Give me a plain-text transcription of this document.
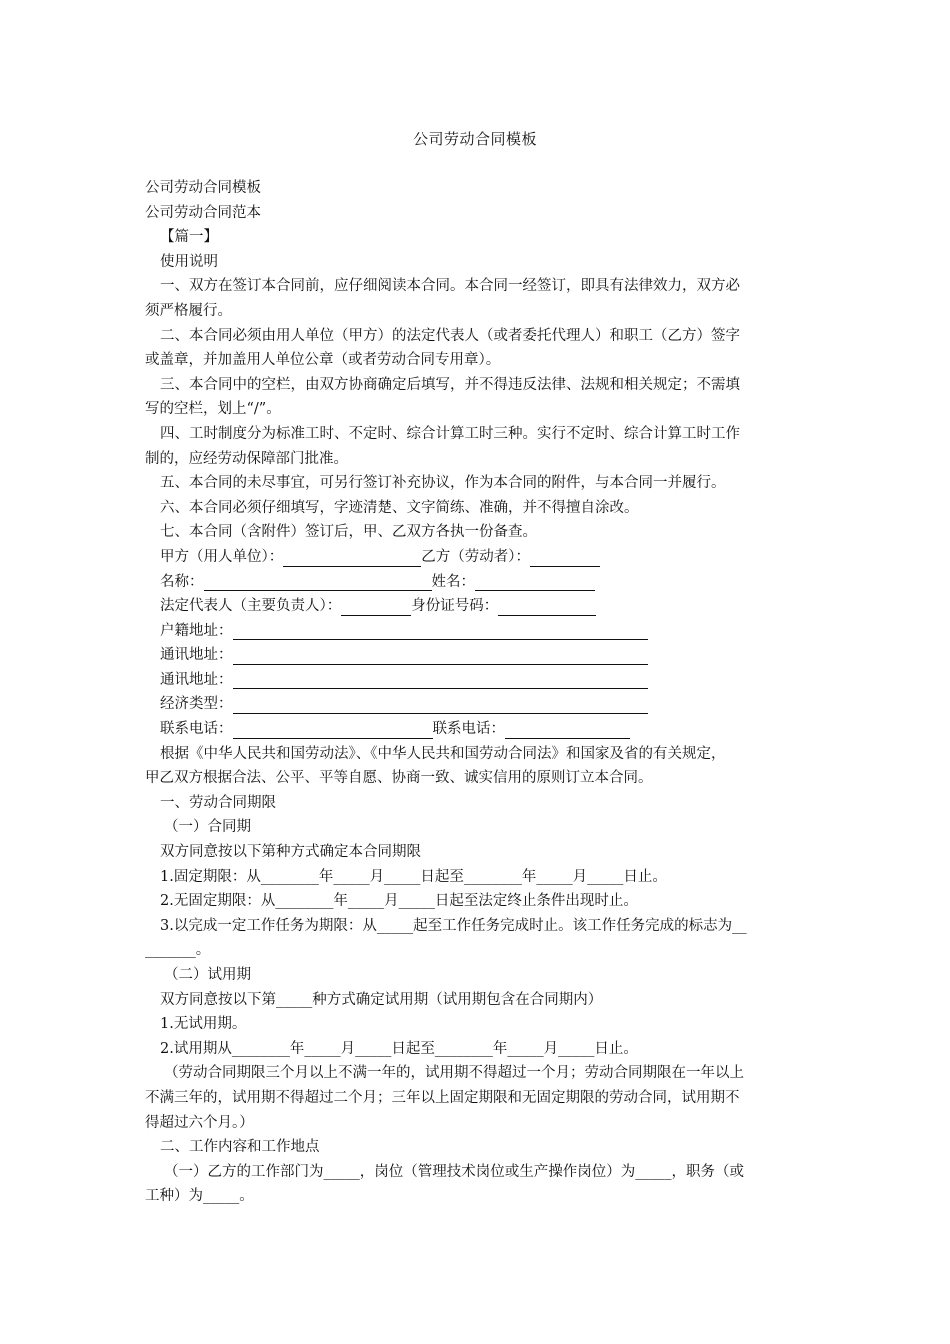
公司劳动合同模板
公司劳动合同模板
公司劳动合同范本
【篇一】
使用说明
一、双方在签订本合同前，应仔细阅读本合同。本合同一经签订，即具有法律效力，双方必
须严格履行。
二、本合同必须由用人单位（甲方）的法定代表人（或者委托代理人）和职工（乙方）签字
或盖章，并加盖用人单位公章（或者劳动合同专用章）。
三、本合同中的空栏，由双方协商确定后填写，并不得违反法律、法规和相关规定；不需填
写的空栏，划上“/”。
四、工时制度分为标准工时、不定时、综合计算工时三种。实行不定时、综合计算工时工作
制的，应经劳动保障部门批准。
五、本合同的未尽事宜，可另行签订补充协议，作为本合同的附件，与本合同一并履行。
六、本合同必须仔细填写，字迹清楚、文字简练、准确，并不得擅自涂改。
七、本合同（含附件）签订后，甲、乙双方各执一份备查。
甲方（用人单位）：	乙方（劳动者）：
名称：	姓名：
法定代表人（主要负责人）：	身份证号码：
户籍地址：
通讯地址：
通讯地址：
经济类型：
联系电话：	联系电话：
根据《中华人民共和国劳动法》、《中华人民共和国劳动合同法》和国家及省的有关规定，
甲乙双方根据合法、公平、平等自愿、协商一致、诚实信用的原则订立本合同。
一、劳动合同期限
（一）合同期
双方同意按以下第种方式确定本合同期限
1.固定期限：从________年_____月_____日起至________年_____月_____日止。
2.无固定期限：从________年_____月_____日起至法定终止条件出现时止。
3.以完成一定工作任务为期限：从_____起至工作任务完成时止。该工作任务完成的标志为__
_______。
（二）试用期
双方同意按以下第_____种方式确定试用期（试用期包含在合同期内）
1.无试用期。
2.试用期从________年_____月_____日起至________年_____月_____日止。
（劳动合同期限三个月以上不满一年的，试用期不得超过一个月；劳动合同期限在一年以上
不满三年的，试用期不得超过二个月；三年以上固定期限和无固定期限的劳动合同，试用期不
得超过六个月。）
二、工作内容和工作地点
（一）乙方的工作部门为_____，岗位（管理技术岗位或生产操作岗位）为_____，职务（或
工种）为_____。
